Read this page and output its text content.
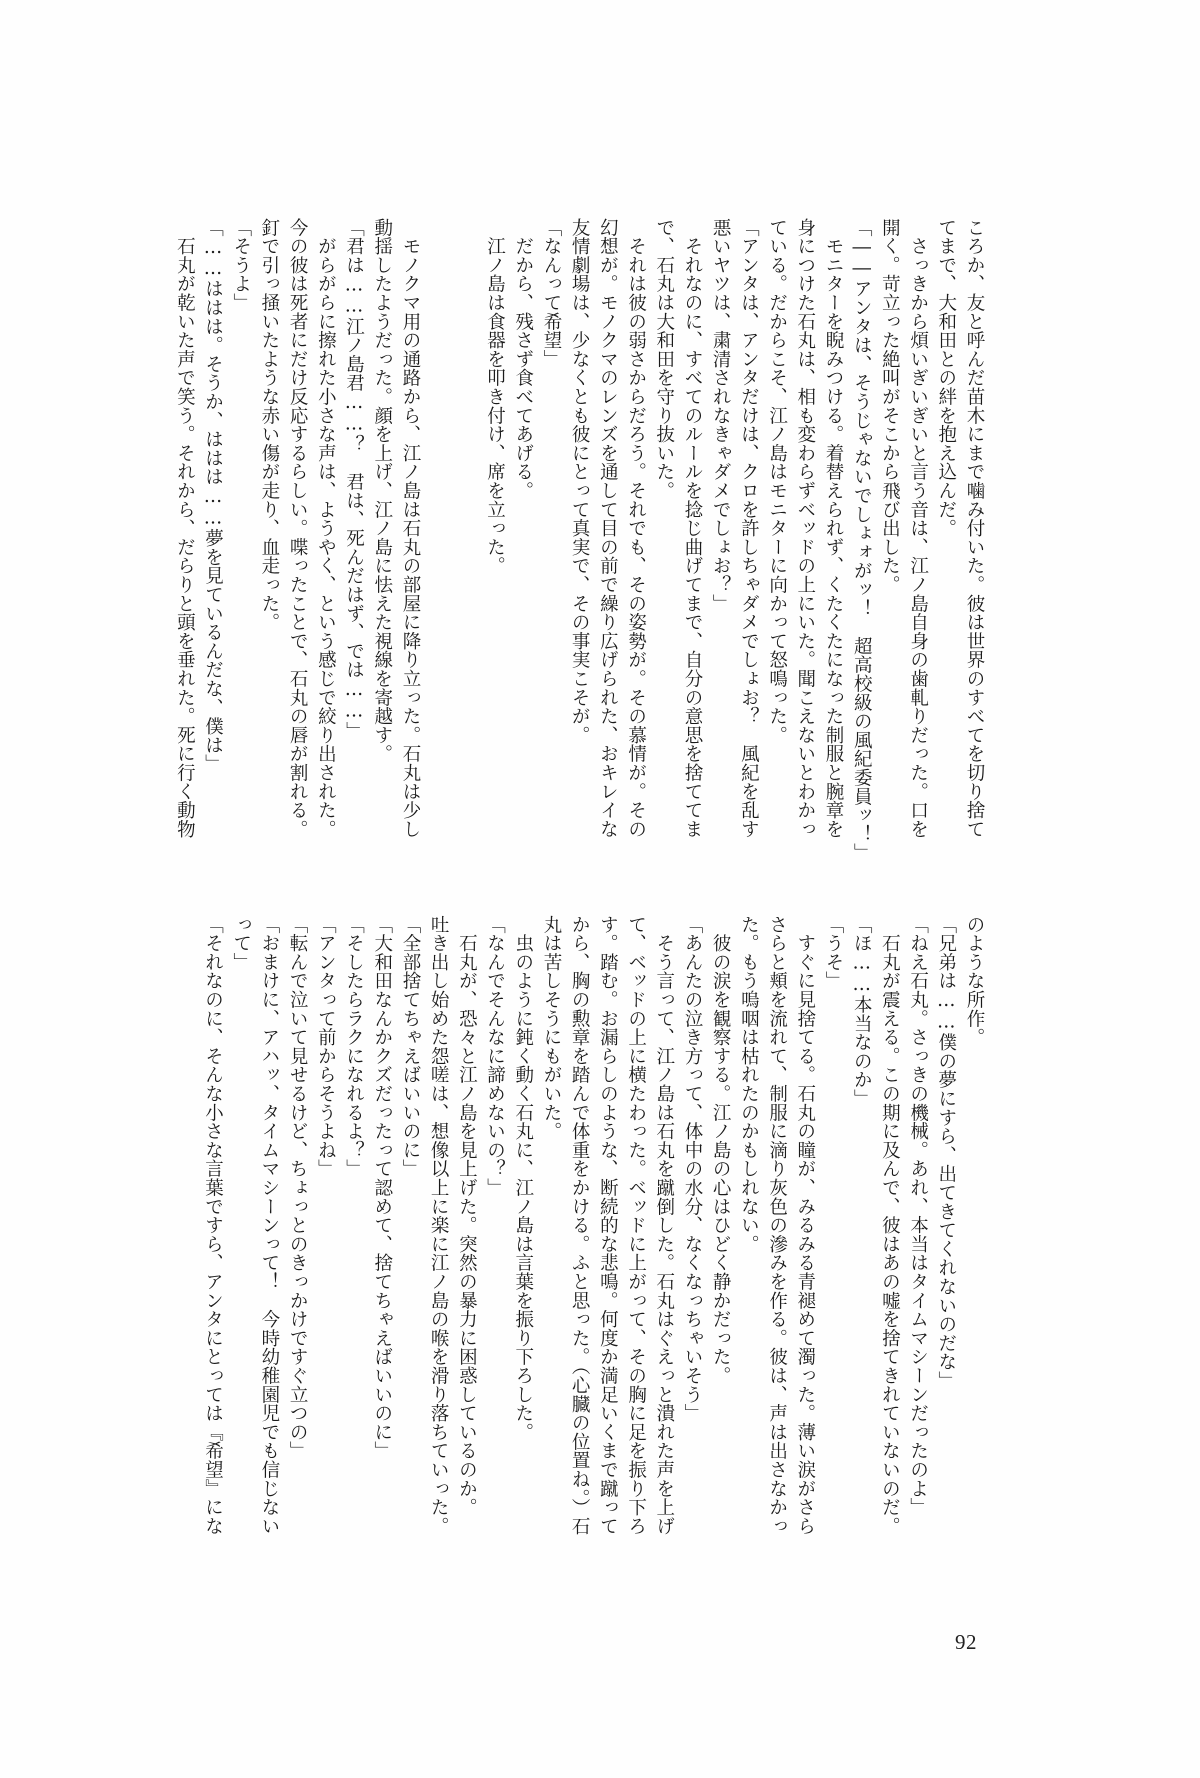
ころか、友と呼んだ苗木にまで噛み付いた。彼は世界のすべてを切り捨て

てまで、大和田との絆を抱え込んだ。

　さっきから煩いぎいぎいと言う音は、江ノ島自身の歯軋りだった。口を

開く。苛立った絶叫がそこから飛び出した。

「――アンタは、そうじゃないでしょォがッ！　超高校級の風紀委員ッ！」

　モニターを睨みつける。着替えられず、くたくたになった制服と腕章を

身につけた石丸は、相も変わらずベッドの上にいた。聞こえないとわかっ

ている。だからこそ、江ノ島はモニターに向かって怒鳴った。

「アンタは、アンタだけは、クロを許しちゃダメでしょお？　風紀を乱す

悪いヤツは、粛清されなきゃダメでしょお？」

　それなのに、すべてのルールを捻じ曲げてまで、自分の意思を捨ててま

で、石丸は大和田を守り抜いた。

　それは彼の弱さからだろう。それでも、その姿勢が。その慕情が。その

幻想が。モノクマのレンズを通して目の前で繰り広げられた、おキレイな

友情劇場は、少なくとも彼にとって真実で、その事実こそが。

「なんって希望」

　だから、残さず食べてあげる。

　江ノ島は食器を叩き付け、席を立った。

　モノクマ用の通路から、江ノ島は石丸の部屋に降り立った。石丸は少し

動揺したようだった。顔を上げ、江ノ島に怯えた視線を寄越す。

「君は……江ノ島君……？　君は、死んだはず、では……」

　がらがらに擦れた小さな声は、ようやく、という感じで絞り出された。

今の彼は死者にだけ反応するらしい。喋ったことで、石丸の唇が割れる。

釘で引っ掻いたような赤い傷が走り、血走った。

「そうよ」

「……ははは。そうか、ははは……夢を見ているんだな、僕は」

　石丸が乾いた声で笑う。それから、だらりと頭を垂れた。死に行く動物

のような所作。

「兄弟は……僕の夢にすら、出てきてくれないのだな」

「ねえ石丸。さっきの機械。あれ、本当はタイムマシーンだったのよ」

　石丸が震える。この期に及んで、彼はあの嘘を捨てきれていないのだ。

「ほ……本当なのか」

「うそ」

　すぐに見捨てる。石丸の瞳が、みるみる青褪めて濁った。薄い涙がさら

さらと頬を流れて、制服に滴り灰色の滲みを作る。彼は、声は出さなかっ

た。もう嗚咽は枯れたのかもしれない。

　彼の涙を観察する。江ノ島の心はひどく静かだった。

「あんたの泣き方って、体中の水分、なくなっちゃいそう」

　そう言って、江ノ島は石丸を蹴倒した。石丸はぐえっと潰れた声を上げ

て、ベッドの上に横たわった。ベッドに上がって、その胸に足を振り下ろ

す。踏む。お漏らしのような、断続的な悲鳴。何度か満足いくまで蹴って

から、胸の勲章を踏んで体重をかける。ふと思った。（心臓の位置ね。）石

丸は苦しそうにもがいた。

　虫のように鈍く動く石丸に、江ノ島は言葉を振り下ろした。

「なんでそんなに諦めないの？」

　石丸が、恐々と江ノ島を見上げた。突然の暴力に困惑しているのか。

吐き出し始めた怨嗟は、想像以上に楽に江ノ島の喉を滑り落ちていった。

「全部捨てちゃえばいいのに」

「大和田なんかクズだったって認めて、捨てちゃえばいいのに」

「そしたらラクになれるよ？」

「アンタって前からそうよね」

「転んで泣いて見せるけど、ちょっとのきっかけですぐ立つの」

「おまけに、アハッ、タイムマシーンって！　今時幼稚園児でも信じない

って」

「それなのに、そんな小さな言葉ですら、アンタにとっては『希望』にな

92
